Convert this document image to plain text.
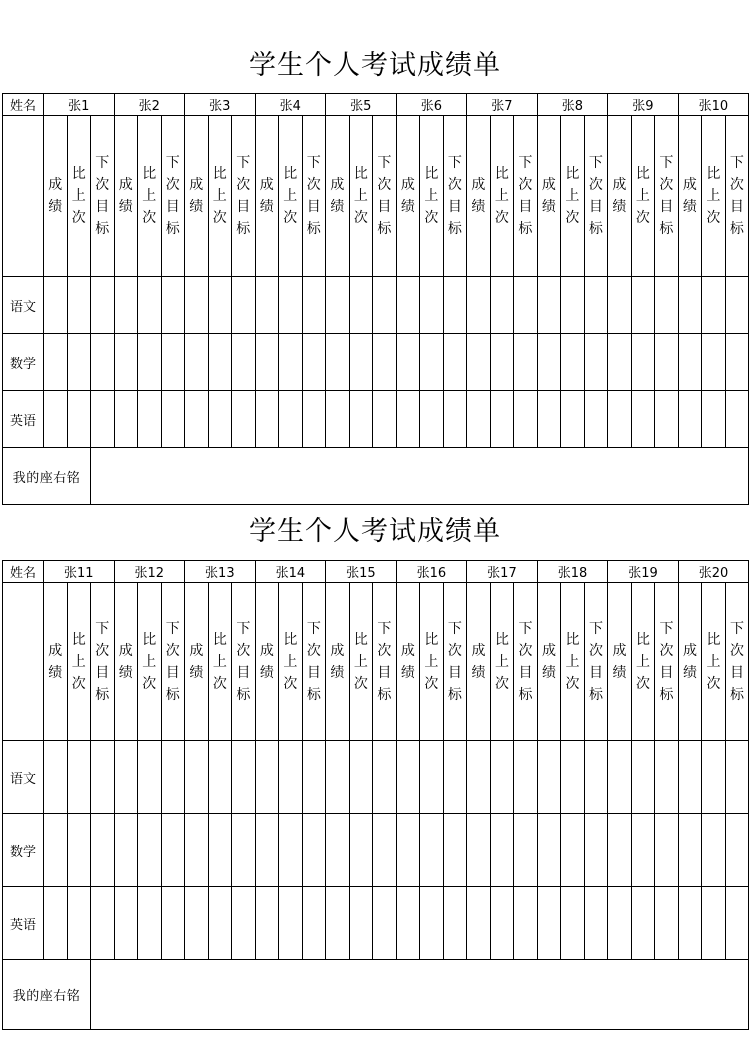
学生个人考试成绩单
姓名	张1			张2			张3			张4			张5			张6			张7			张8			张9			张10		
	成绩	比上次	下次目标	成绩	比上次	下次目标	成绩	比上次	下次目标	成绩	比上次	下次目标	成绩	比上次	下次目标	成绩	比上次	下次目标	成绩	比上次	下次目标	成绩	比上次	下次目标	成绩	比上次	下次目标	成绩	比上次	下次目标
语文																														
数学																														
英语																														
我的座右铭																														
学生个人考试成绩单
姓名	张11			张12			张13			张14			张15			张16			张17			张18			张19			张20		
	成绩	比上次	下次目标	成绩	比上次	下次目标	成绩	比上次	下次目标	成绩	比上次	下次目标	成绩	比上次	下次目标	成绩	比上次	下次目标	成绩	比上次	下次目标	成绩	比上次	下次目标	成绩	比上次	下次目标	成绩	比上次	下次目标
语文																														
数学																														
英语																														
我的座右铭																														
